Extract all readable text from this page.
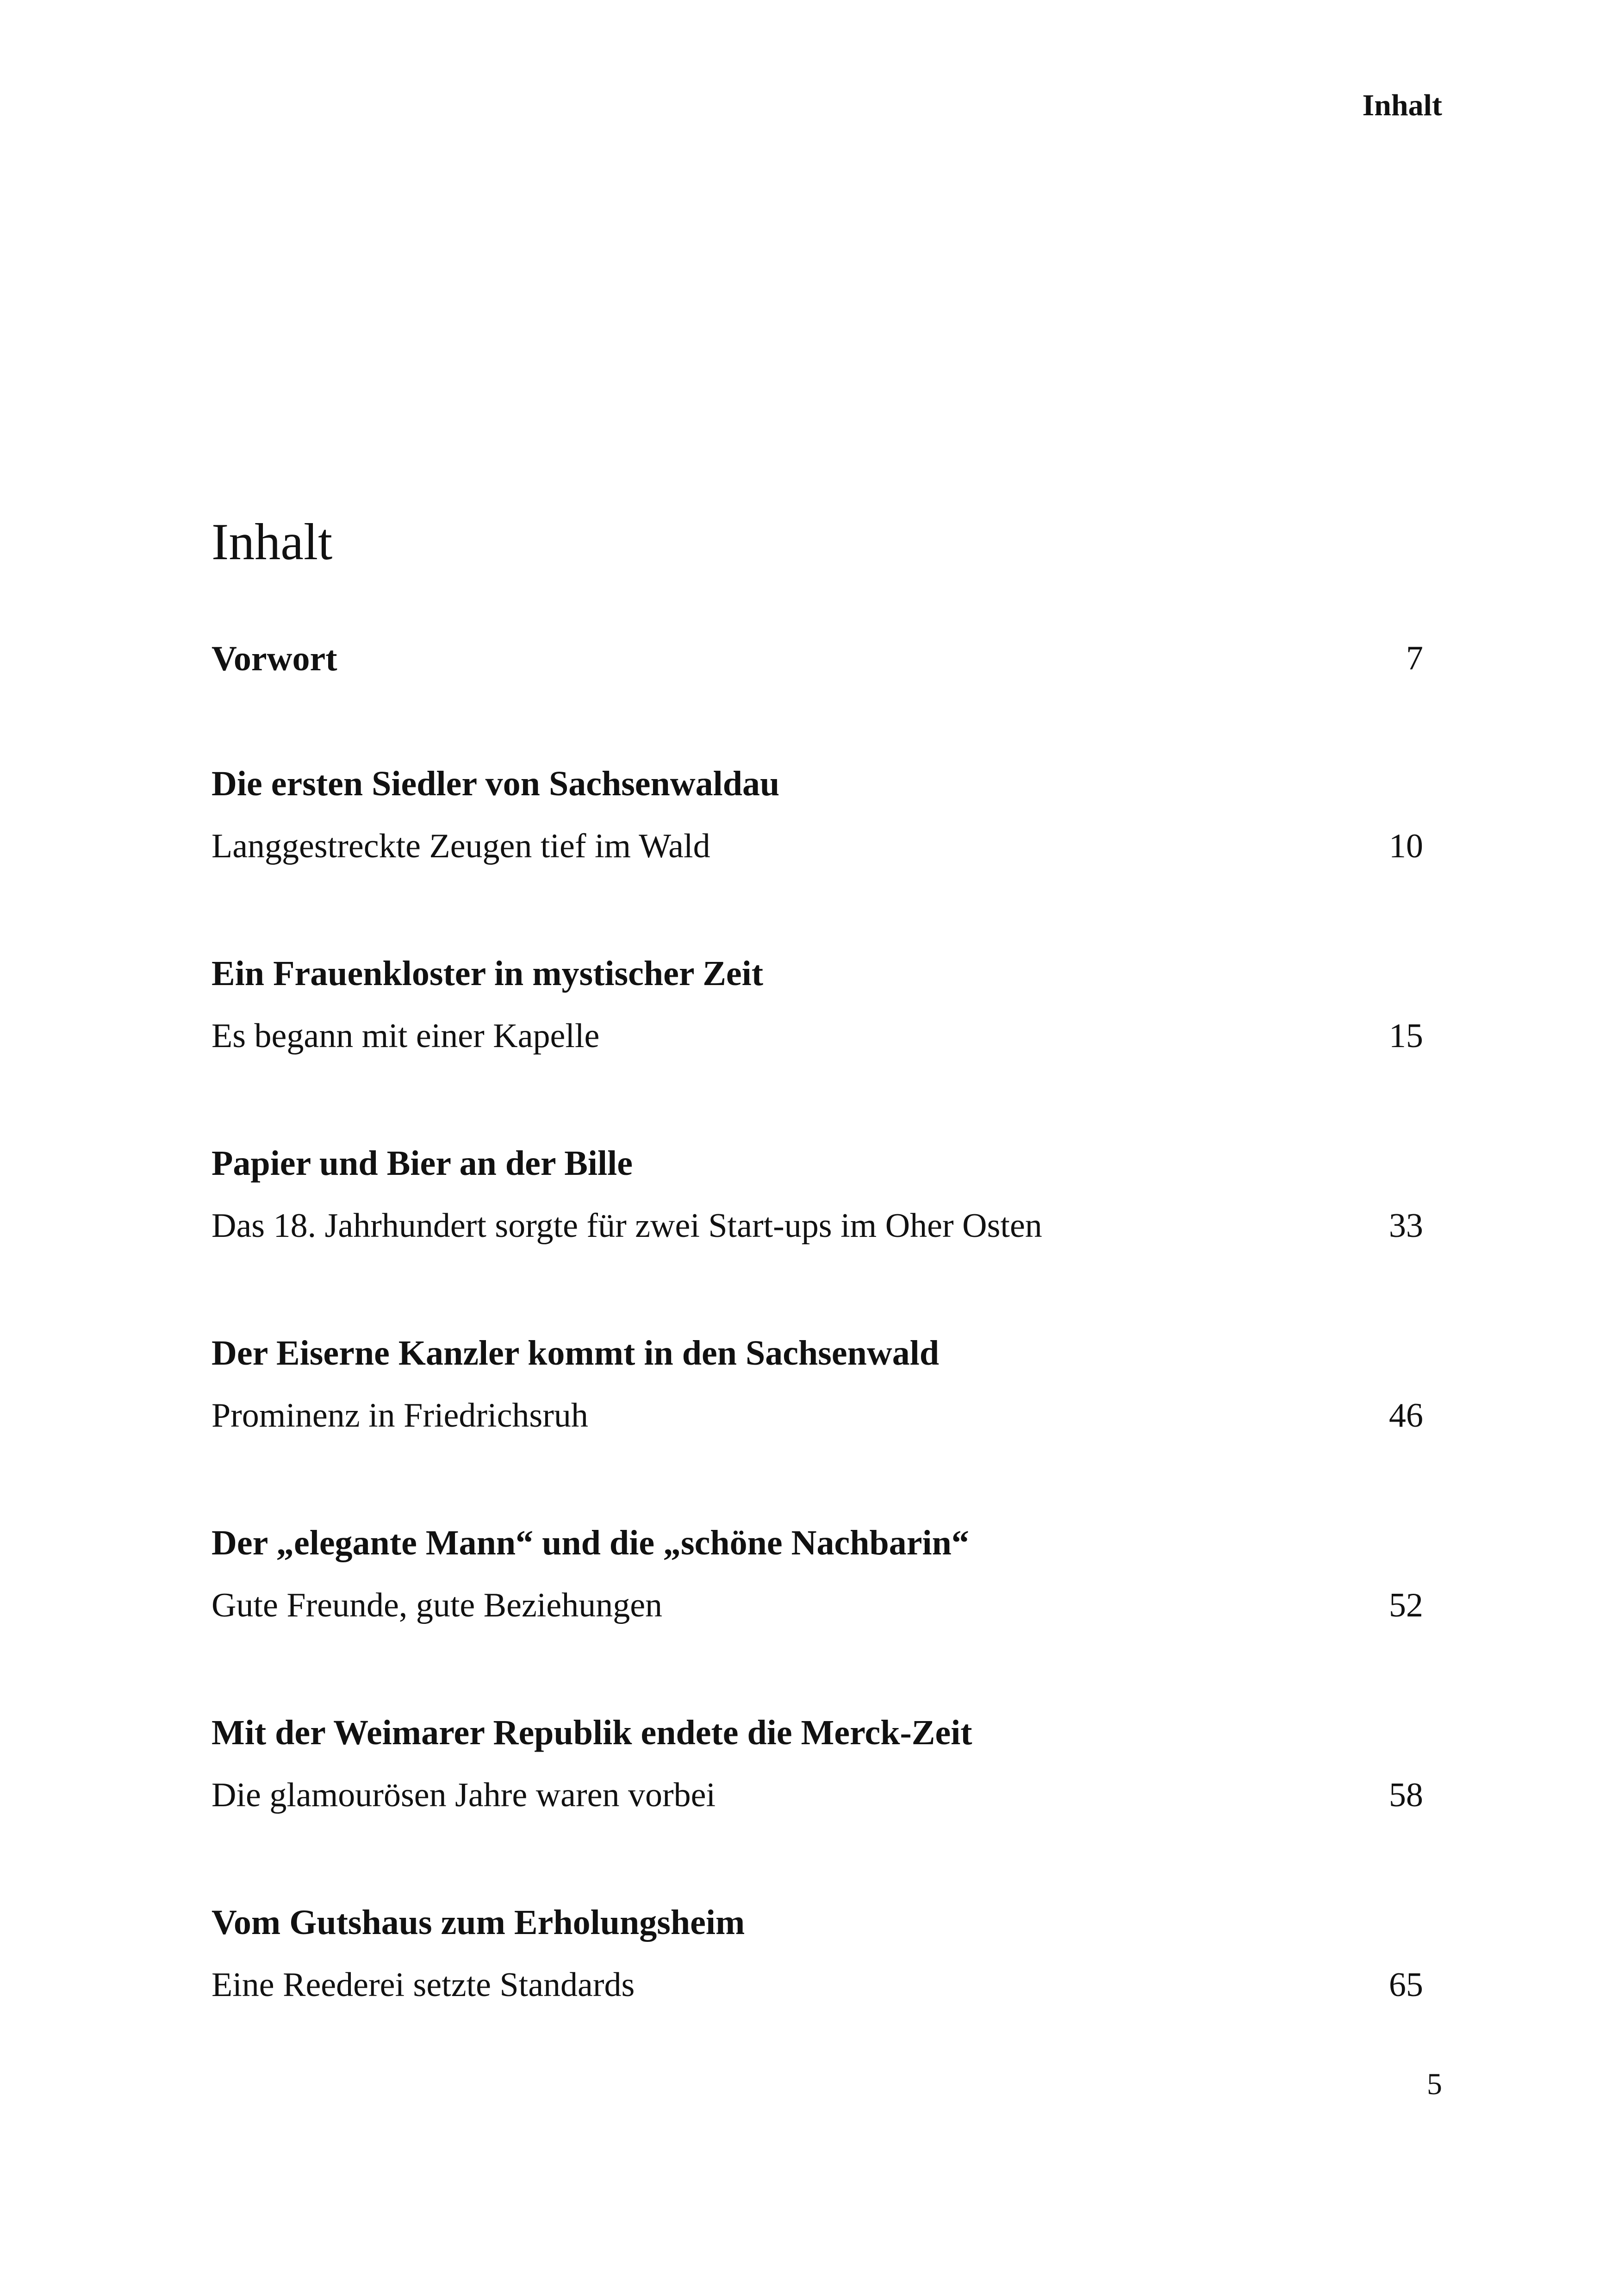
Inhalt
Inhalt
Vorwort	7
Die ersten Siedler von Sachsenwaldau
Langgestreckte Zeugen tief im Wald	10
Ein Frauenkloster in mystischer Zeit
Es begann mit einer Kapelle	15
Papier und Bier an der Bille
Das 18. Jahrhundert sorgte für zwei Start-ups im Oher Osten	33
Der Eiserne Kanzler kommt in den Sachsenwald
Prominenz in Friedrichsruh	46
Der „elegante Mann“ und die „schöne Nachbarin“
Gute Freunde, gute Beziehungen	52
Mit der Weimarer Republik endete die Merck-Zeit
Die glamourösen Jahre waren vorbei	58
Vom Gutshaus zum Erholungsheim
Eine Reederei setzte Standards	65
5
